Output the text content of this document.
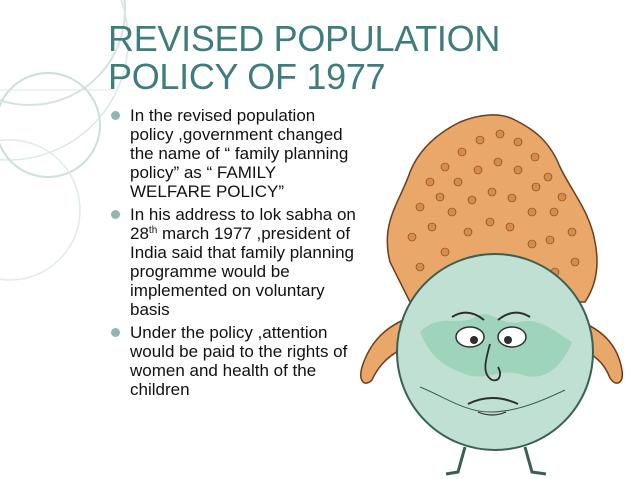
REVISED POPULATION
POLICY OF 1977
In the revised population
policy ,government changed
the name of “ family planning
policy” as “ FAMILY
WELFARE POLICY”
In his address to lok sabha on
28th march 1977 ,president of
India said that family planning
programme would be
implemented on voluntary
basis
Under the policy ,attention
would be paid to the rights of
women and health of the
children
